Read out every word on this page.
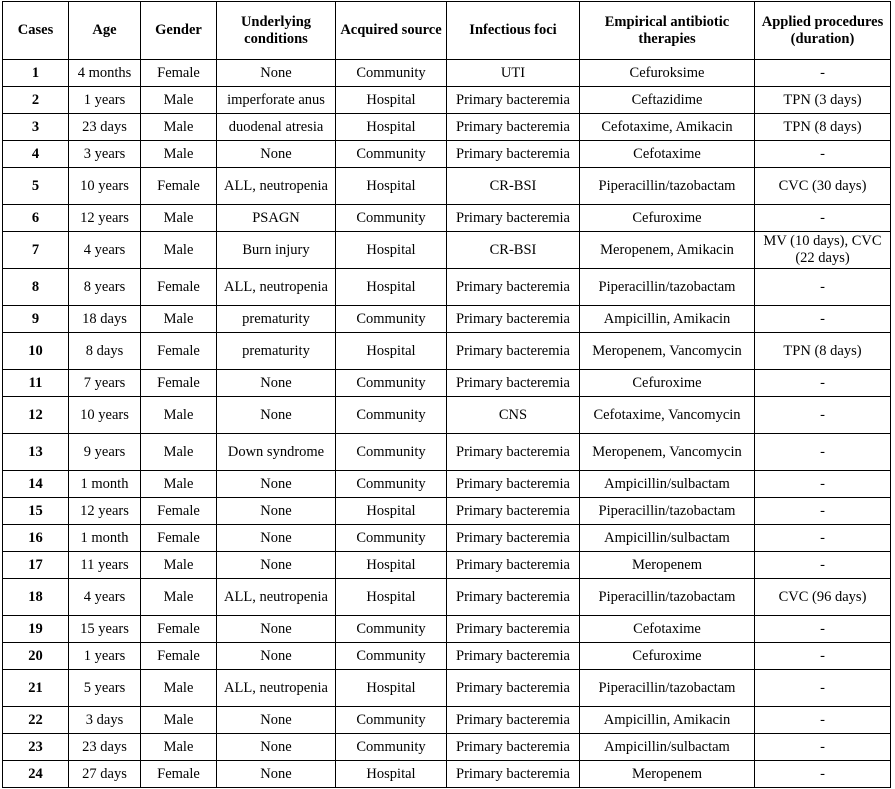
Cases	Age	Gender	Underlying conditions	Acquired source	Infectious foci	Empirical antibiotic therapies	Applied procedures (duration)
1	4 months	Female	None	Community	UTI	Cefuroksime	-
2	1 years	Male	imperforate anus	Hospital	Primary bacteremia	Ceftazidime	TPN (3 days)
3	23 days	Male	duodenal atresia	Hospital	Primary bacteremia	Cefotaxime, Amikacin	TPN (8 days)
4	3 years	Male	None	Community	Primary bacteremia	Cefotaxime	-
5	10 years	Female	ALL, neutropenia	Hospital	CR-BSI	Piperacillin/tazobactam	CVC (30 days)
6	12 years	Male	PSAGN	Community	Primary bacteremia	Cefuroxime	-
7	4 years	Male	Burn injury	Hospital	CR-BSI	Meropenem, Amikacin	MV (10 days), CVC (22 days)
8	8 years	Female	ALL, neutropenia	Hospital	Primary bacteremia	Piperacillin/tazobactam	-
9	18 days	Male	prematurity	Community	Primary bacteremia	Ampicillin, Amikacin	-
10	8 days	Female	prematurity	Hospital	Primary bacteremia	Meropenem, Vancomycin	TPN (8 days)
11	7 years	Female	None	Community	Primary bacteremia	Cefuroxime	-
12	10 years	Male	None	Community	CNS	Cefotaxime, Vancomycin	-
13	9 years	Male	Down syndrome	Community	Primary bacteremia	Meropenem, Vancomycin	-
14	1 month	Male	None	Community	Primary bacteremia	Ampicillin/sulbactam	-
15	12 years	Female	None	Hospital	Primary bacteremia	Piperacillin/tazobactam	-
16	1 month	Female	None	Community	Primary bacteremia	Ampicillin/sulbactam	-
17	11 years	Male	None	Hospital	Primary bacteremia	Meropenem	-
18	4 years	Male	ALL, neutropenia	Hospital	Primary bacteremia	Piperacillin/tazobactam	CVC (96 days)
19	15 years	Female	None	Community	Primary bacteremia	Cefotaxime	-
20	1 years	Female	None	Community	Primary bacteremia	Cefuroxime	-
21	5 years	Male	ALL, neutropenia	Hospital	Primary bacteremia	Piperacillin/tazobactam	-
22	3 days	Male	None	Community	Primary bacteremia	Ampicillin, Amikacin	-
23	23 days	Male	None	Community	Primary bacteremia	Ampicillin/sulbactam	-
24	27 days	Female	None	Hospital	Primary bacteremia	Meropenem	-
